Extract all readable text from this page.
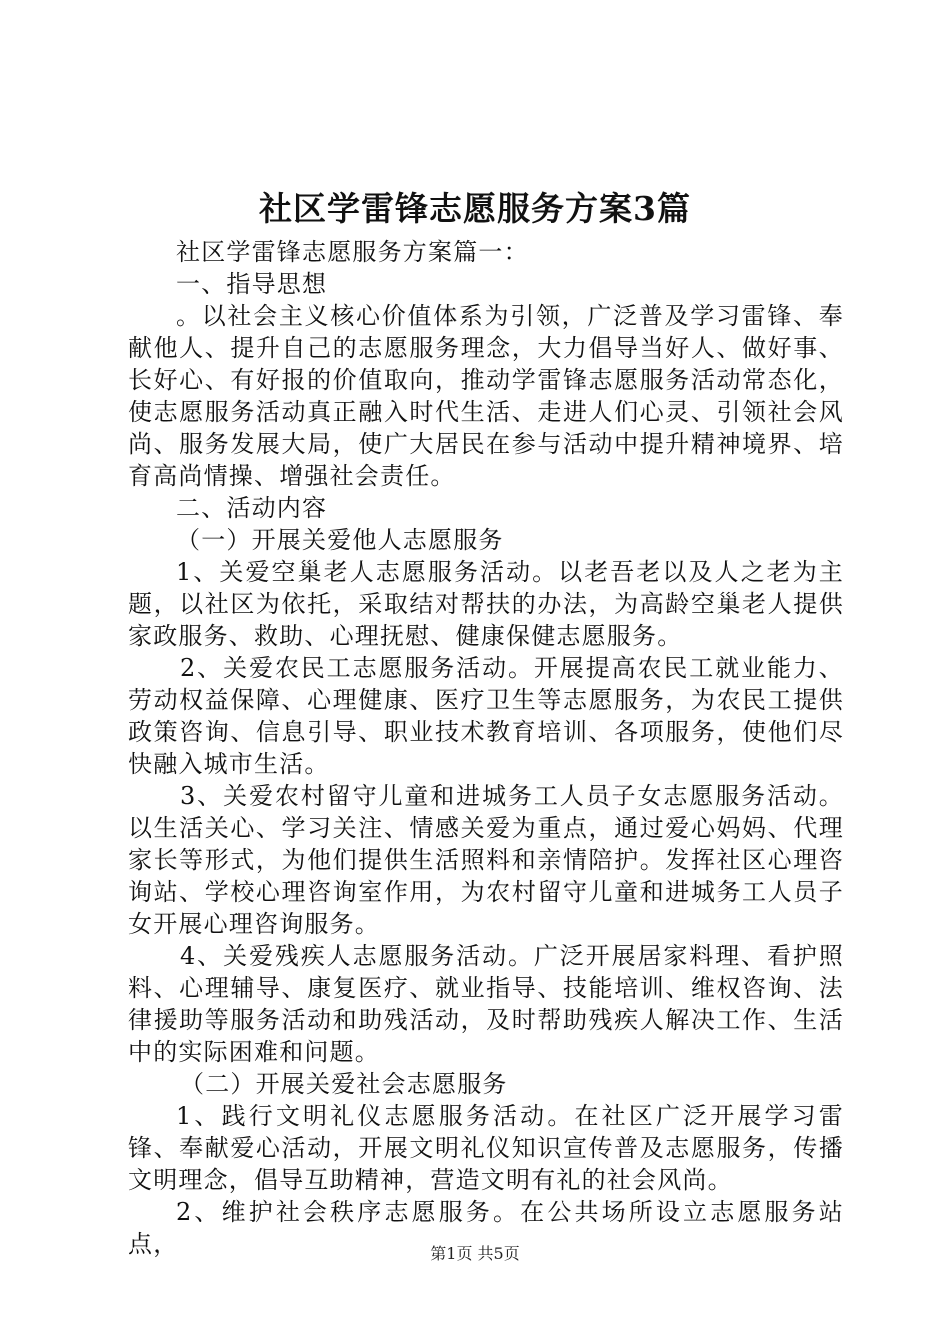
社区学雷锋志愿服务方案3篇

社区学雷锋志愿服务方案篇一：

一、指导思想

。以社会主义核心价值体系为引领，广泛普及学习雷锋、奉献他人、提升自己的志愿服务理念，大力倡导当好人、做好事、长好心、有好报的价值取向，推动学雷锋志愿服务活动常态化，使志愿服务活动真正融入时代生活、走进人们心灵、引领社会风尚、服务发展大局，使广大居民在参与活动中提升精神境界、培育高尚情操、增强社会责任。

二、活动内容

（一）开展关爱他人志愿服务

1、关爱空巢老人志愿服务活动。以老吾老以及人之老为主题，以社区为依托，采取结对帮扶的办法，为高龄空巢老人提供家政服务、救助、心理抚慰、健康保健志愿服务。

2、关爱农民工志愿服务活动。开展提高农民工就业能力、劳动权益保障、心理健康、医疗卫生等志愿服务，为农民工提供政策咨询、信息引导、职业技术教育培训、各项服务，使他们尽快融入城市生活。

3、关爱农村留守儿童和进城务工人员子女志愿服务活动。以生活关心、学习关注、情感关爱为重点，通过爱心妈妈、代理家长等形式，为他们提供生活照料和亲情陪护。发挥社区心理咨询站、学校心理咨询室作用，为农村留守儿童和进城务工人员子女开展心理咨询服务。

4、关爱残疾人志愿服务活动。广泛开展居家料理、看护照料、心理辅导、康复医疗、就业指导、技能培训、维权咨询、法律援助等服务活动和助残活动，及时帮助残疾人解决工作、生活中的实际困难和问题。

（二）开展关爱社会志愿服务

1、践行文明礼仪志愿服务活动。在社区广泛开展学习雷锋、奉献爱心活动，开展文明礼仪知识宣传普及志愿服务，传播文明理念，倡导互助精神，营造文明有礼的社会风尚。

2、维护社会秩序志愿服务。在公共场所设立志愿服务站点，	第1页 共5页
